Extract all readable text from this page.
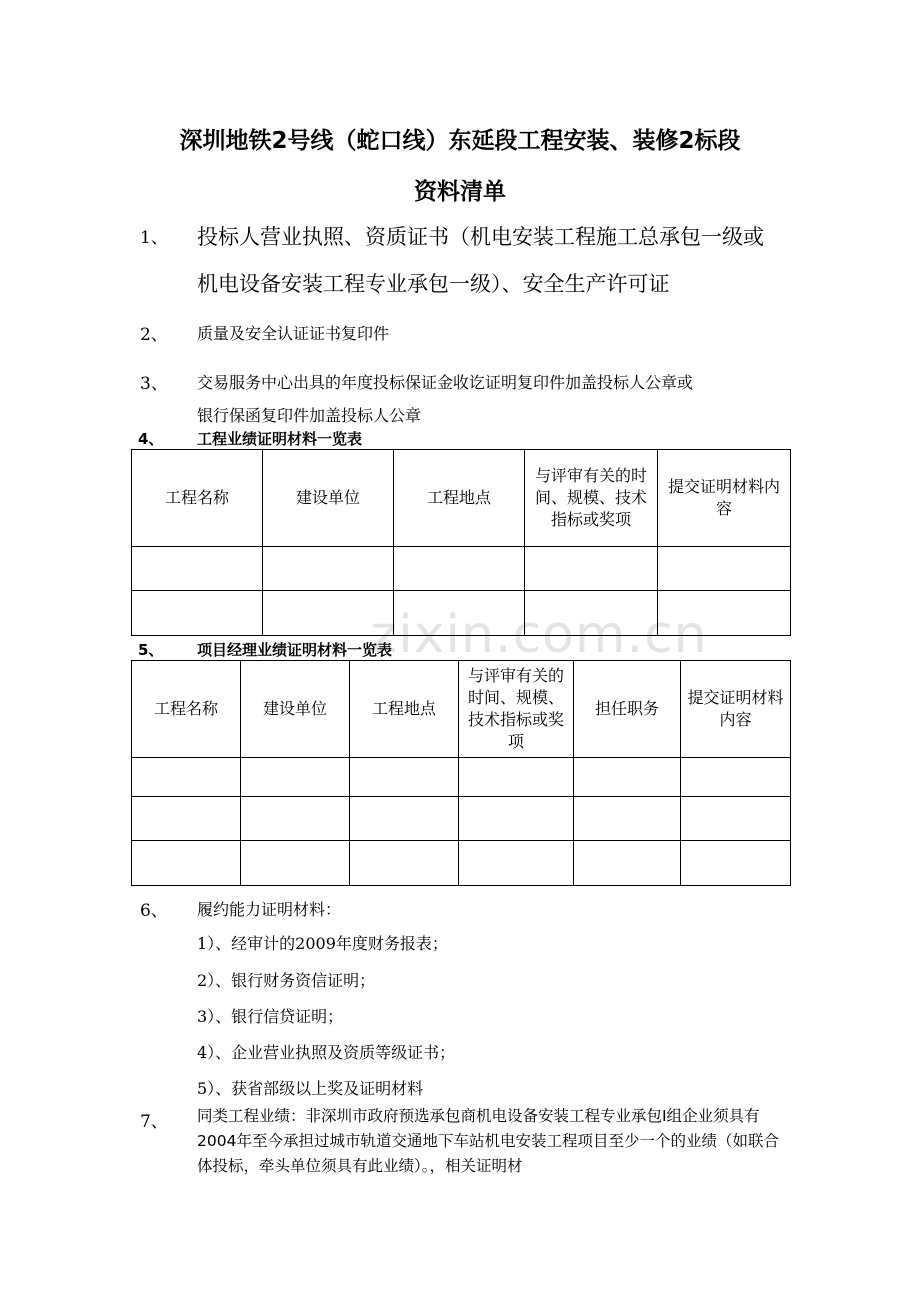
zixin.com.cn
深圳地铁2号线（蛇口线）东延段工程安装、装修2标段
资料清单
1、 投标人营业执照、资质证书（机电安装工程施工总承包一级或
机电设备安装工程专业承包一级）、安全生产许可证
2、 质量及安全认证证书复印件
3、 交易服务中心出具的年度投标保证金收讫证明复印件加盖投标人公章或
银行保函复印件加盖投标人公章
4、 工程业绩证明材料一览表
工程名称	建设单位	工程地点	与评审有关的时间、规模、技术指标或奖项	提交证明材料内容

5、 项目经理业绩证明材料一览表
工程名称	建设单位	工程地点	与评审有关的时间、规模、技术指标或奖项	担任职务	提交证明材料内容

6、 履约能力证明材料：
1）、经审计的2009年度财务报表；
2）、银行财务资信证明；
3）、银行信贷证明；
4）、企业营业执照及资质等级证书；
5）、获省部级以上奖及证明材料
7、 同类工程业绩：非深圳市政府预选承包商机电设备安装工程专业承包Ⅰ组企业须具有2004年至今承担过城市轨道交通地下车站机电安装工程项目至少一个的业绩（如联合体投标，牵头单位须具有此业绩）。，相关证明材
